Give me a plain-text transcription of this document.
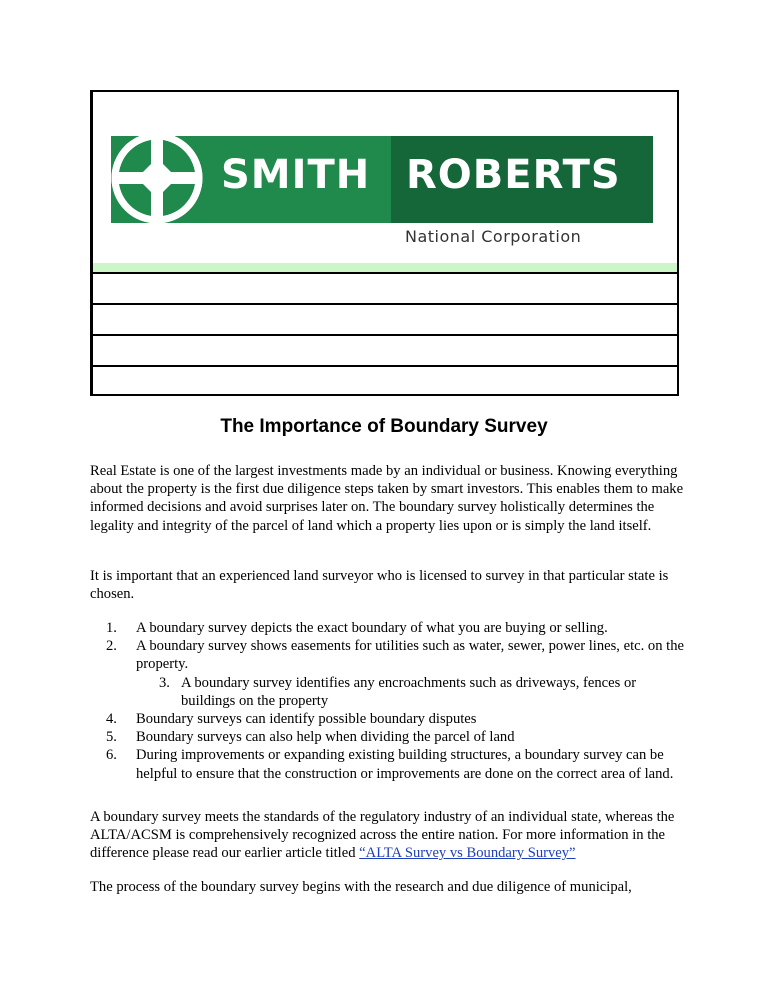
SMITH ROBERTS
National Corporation
The Importance of Boundary Survey

Real Estate is one of the largest investments made by an individual or business. Knowing everything about the property is the first due diligence steps taken by smart investors. This enables them to make informed decisions and avoid surprises later on. The boundary survey holistically determines the legality and integrity of the parcel of land which a property lies upon or is simply the land itself.

It is important that an experienced land surveyor who is licensed to survey in that particular state is chosen.

1. A boundary survey depicts the exact boundary of what you are buying or selling.
2. A boundary survey shows easements for utilities such as water, sewer, power lines, etc. on the property.
3. A boundary survey identifies any encroachments such as driveways, fences or buildings on the property
4. Boundary surveys can identify possible boundary disputes
5. Boundary surveys can also help when dividing the parcel of land
6. During improvements or expanding existing building structures, a boundary survey can be helpful to ensure that the construction or improvements are done on the correct area of land.

A boundary survey meets the standards of the regulatory industry of an individual state, whereas the ALTA/ACSM is comprehensively recognized across the entire nation. For more information in the difference please read our earlier article titled “ALTA Survey vs Boundary Survey”

The process of the boundary survey begins with the research and due diligence of municipal,
